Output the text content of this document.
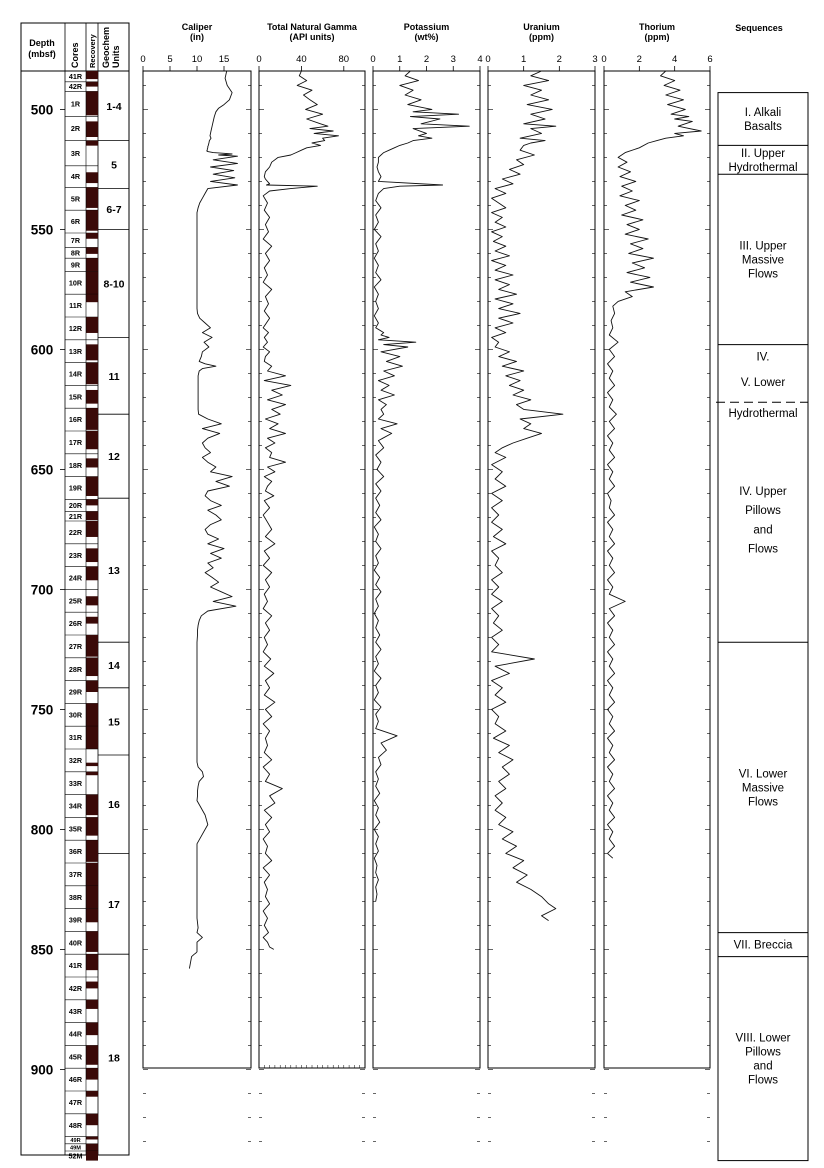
Depth
(mbsf) Cores Recovery Geochem Units
500
550
600
650
700
750
800
850
900
41R
42R
1R
2R
3R
4R
5R
6R
7R
8R
9R
10R
11R
12R
13R
14R
15R
16R
17R
18R
19R
20R
21R
22R
23R
24R
25R
26R
27R
28R
29R
30R
31R
32R
33R
34R
35R
36R
37R
38R
39R
40R
41R
42R
43R
44R
45R
46R
47R
48R
49R
49M
52M
1-4
5
6-7
8-10
11
12
13
14
15
16
17
18
Caliper
(in)
0 5 10 15
Total Natural Gamma
(API units)
0	40	80
Potassium
(wt%)
0 1 2 3 4
Uranium
(ppm)
0	1	2	3
Thorium
(ppm)
0	2	4	6
Sequences
I. Alkali
Basalts
II. Upper
Hydrothermal
III. Upper
Massive
Flows
VI. Lower
Massive
Flows
VII. Breccia
VIII. Lower
Pillows
and
Flows
IV.
V. Lower
Hydrothermal
IV. Upper
Pillows
and
Flows
